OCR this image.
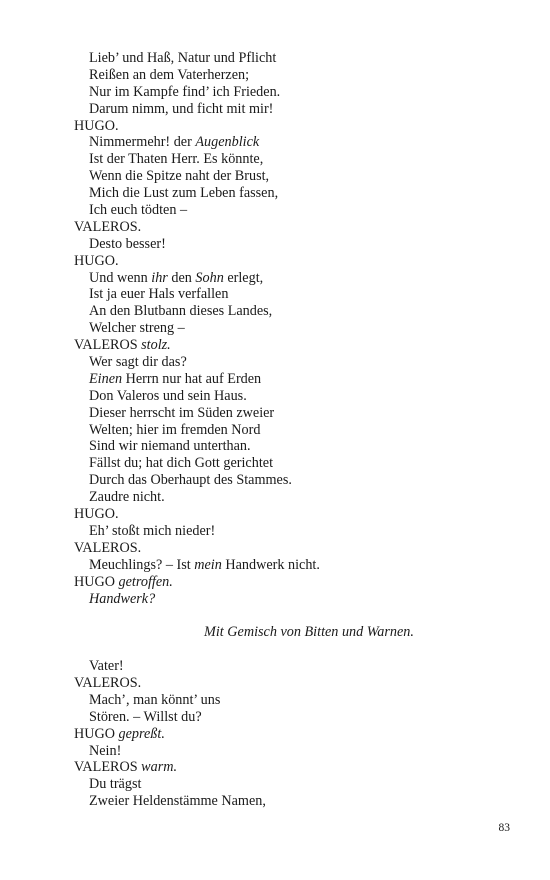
Lieb’ und Haß, Natur und Pflicht
Reißen an dem Vaterherzen;
Nur im Kampfe find’ ich Frieden.
Darum nimm, und ficht mit mir!
HUGO.
Nimmermehr! der Augenblick
Ist der Thaten Herr. Es könnte,
Wenn die Spitze naht der Brust,
Mich die Lust zum Leben fassen,
Ich euch tödten –
VALEROS.
Desto besser!
HUGO.
Und wenn ihr den Sohn erlegt,
Ist ja euer Hals verfallen
An den Blutbann dieses Landes,
Welcher streng –
VALEROS stolz.
Wer sagt dir das?
Einen Herrn nur hat auf Erden
Don Valeros und sein Haus.
Dieser herrscht im Süden zweier
Welten; hier im fremden Nord
Sind wir niemand unterthan.
Fällst du; hat dich Gott gerichtet
Durch das Oberhaupt des Stammes.
Zaudre nicht.
HUGO.
Eh’ stoßt mich nieder!
VALEROS.
Meuchlings? – Ist mein Handwerk nicht.
HUGO getroffen.
Handwerk?
Mit Gemisch von Bitten und Warnen.
Vater!
VALEROS.
Mach’, man könnt’ uns
Stören. – Willst du?
HUGO gepreßt.
Nein!
VALEROS warm.
Du trägst
Zweier Heldenstämme Namen,
83
